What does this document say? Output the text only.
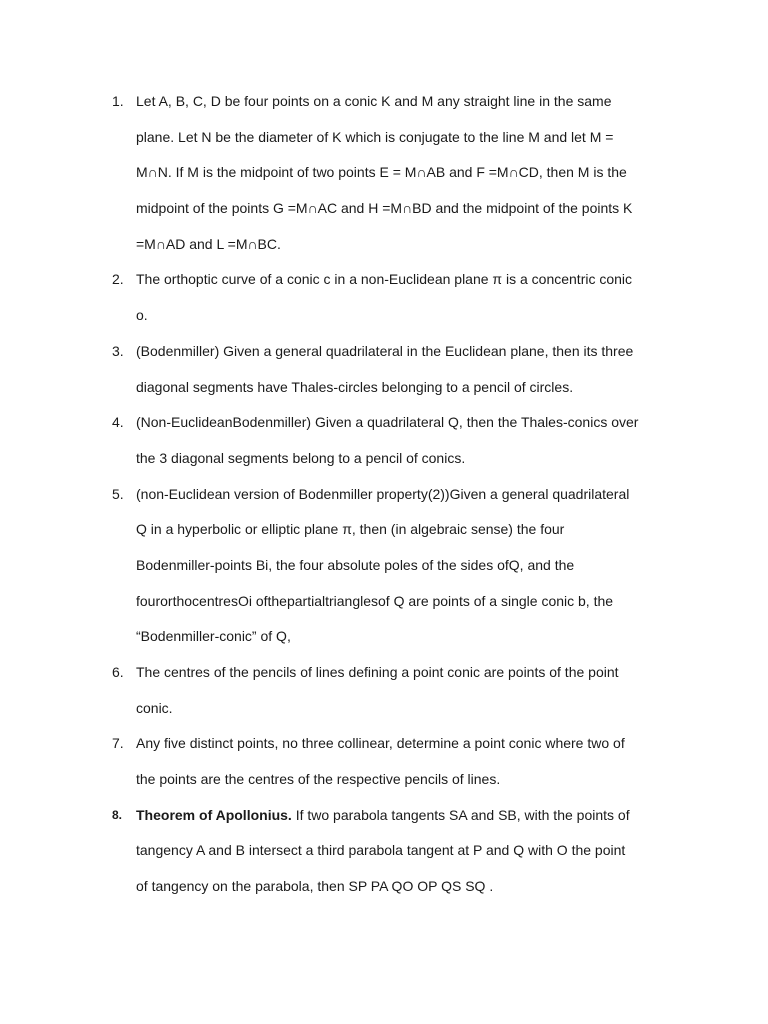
1. Let A, B, C, D be four points on a conic K and M any straight line in the same
plane. Let N be the diameter of K which is conjugate to the line M and let M =
M∩N. If M is the midpoint of two points E = M∩AB and F =M∩CD, then M is the
midpoint of the points G =M∩AC and H =M∩BD and the midpoint of the points K
=M∩AD and L =M∩BC.
2. The orthoptic curve of a conic c in a non-Euclidean plane π is a concentric conic
o.
3. (Bodenmiller) Given a general quadrilateral in the Euclidean plane, then its three
diagonal segments have Thales-circles belonging to a pencil of circles.
4. (Non-EuclideanBodenmiller) Given a quadrilateral Q, then the Thales-conics over
the 3 diagonal segments belong to a pencil of conics.
5. (non-Euclidean version of Bodenmiller property(2))Given a general quadrilateral
Q in a hyperbolic or elliptic plane π, then (in algebraic sense) the four
Bodenmiller-points Bi, the four absolute poles of the sides ofQ, and the
fourorthocentresOi ofthepartialtrianglesof Q are points of a single conic b, the
“Bodenmiller-conic” of Q,
6. The centres of the pencils of lines defining a point conic are points of the point
conic.
7. Any five distinct points, no three collinear, determine a point conic where two of
the points are the centres of the respective pencils of lines.
8. Theorem of Apollonius. If two parabola tangents SA and SB, with the points of
tangency A and B intersect a third parabola tangent at P and Q with O the point
of tangency on the parabola, then SP PA QO OP QS SQ .
